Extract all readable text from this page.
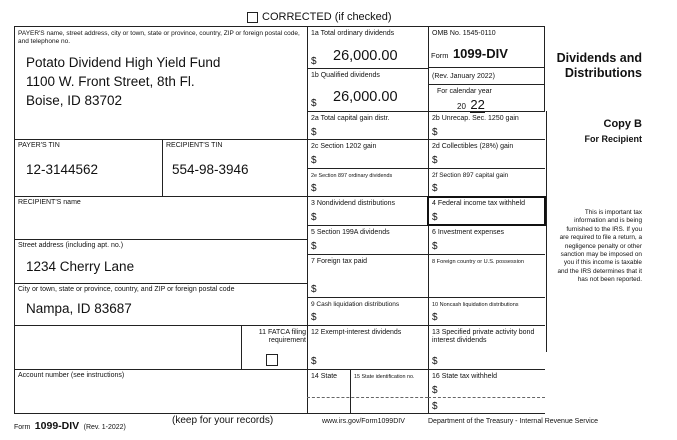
CORRECTED (if checked)
PAYER'S name, street address, city or town, state or province, country, ZIP or foreign postal code, and telephone no.
Potato Dividend High Yield Fund
1100 W. Front Street, 8th Fl.
Boise, ID 83702
PAYER'S TIN
12-3144562
RECIPIENT'S TIN
554-98-3946
RECIPIENT'S name
Street address (including apt. no.)
1234 Cherry Lane
City or town, state or province, country, and ZIP or foreign postal code
Nampa, ID 83687
11 FATCA filing requirement
Account number (see instructions)
1a Total ordinary dividends
$ 26,000.00
1b Qualified dividends
$ 26,000.00
2a Total capital gain distr.
$
2b Unrecap. Sec. 1250 gain
$
2c Section 1202 gain
$
2d Collectibles (28%) gain
$
2e Section 897 ordinary dividends
$
2f Section 897 capital gain
$
3 Nondividend distributions
$
4 Federal income tax withheld
$
5 Section 199A dividends
$
6 Investment expenses
$
7 Foreign tax paid
$
8 Foreign country or U.S. possession
9 Cash liquidation distributions
$
10 Noncash liquidation distributions
$
12 Exempt-interest dividends
$
13 Specified private activity bond interest dividends
$
14 State	15 State identification no. 16 State tax withheld
$
$
OMB No. 1545-0110
Form 1099-DIV
(Rev. January 2022)
For calendar year
20 22
Dividends and
Distributions
Copy B
For Recipient
This is important tax information and is being furnished to the IRS. If you are required to file a return, a negligence penalty or other sanction may be imposed on you if this income is taxable and the IRS determines that it has not been reported.
Form 1099-DIV (Rev. 1-2022)
(keep for your records)	www.irs.gov/Form1099DIV	Department of the Treasury - Internal Revenue Service
